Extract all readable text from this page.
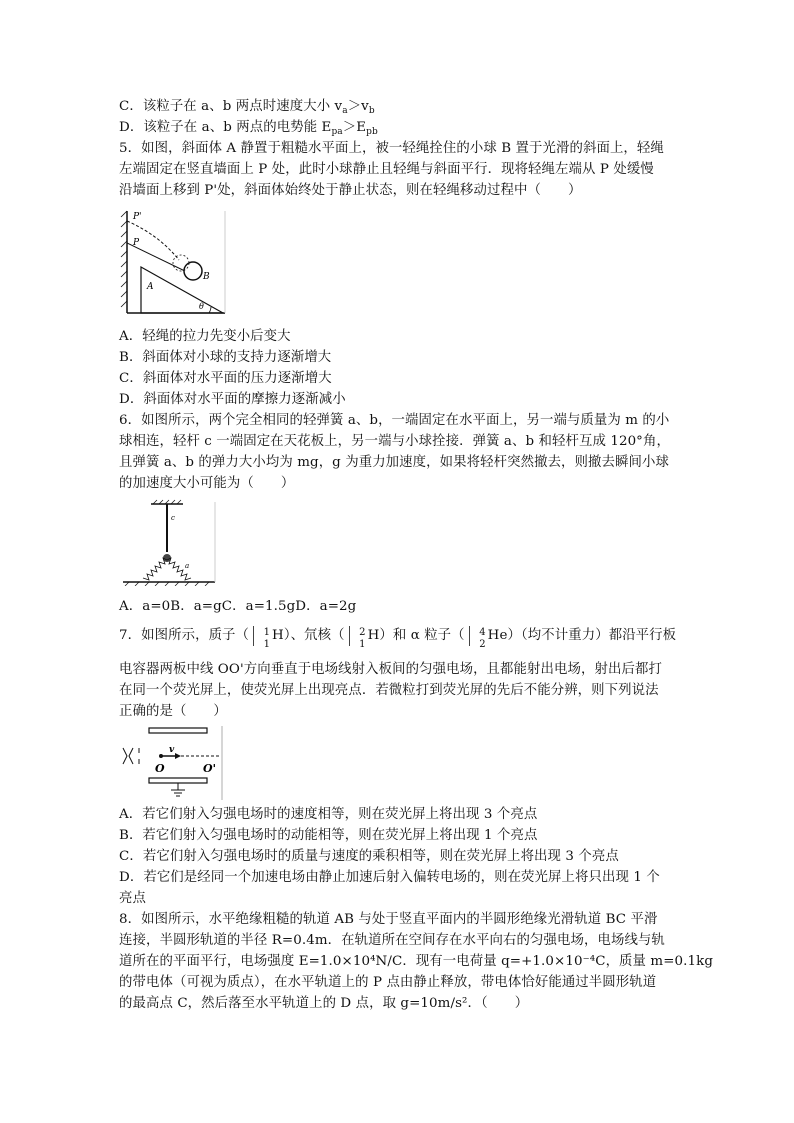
C．该粒子在 a、b 两点时速度大小 $v_a>v_b$
D．该粒子在 a、b 两点的电势能 $E_{pa}>E_{pb}$
5．如图，斜面体 A 静置于粗糙水平面上，被一轻绳拴住的小球 B 置于光滑的斜面上，轻绳
左端固定在竖直墙面上 P 处，此时小球静止且轻绳与斜面平行．现将轻绳左端从 P 处缓慢
沿墙面上移到 P'处，斜面体始终处于静止状态，则在轻绳移动过程中（　　）
P'
P
A
B
θ
A．轻绳的拉力先变小后变大
B．斜面体对小球的支持力逐渐增大
C．斜面体对水平面的压力逐渐增大
D．斜面体对水平面的摩擦力逐渐减小
6．如图所示，两个完全相同的轻弹簧 a、b，一端固定在水平面上，另一端与质量为 m 的小
球相连，轻杆 c 一端固定在天花板上，另一端与小球拴接．弹簧 a、b 和轻杆互成 120°角，
且弹簧 a、b 的弹力大小均为 mg，g 为重力加速度，如果将轻杆突然撤去，则撤去瞬间小球
的加速度大小可能为（　　）
c
a
A．a=0B．a=gC．a=1.5gD．a=2g
7．如图所示，质子（ 1
1
H）、氘核（ 2
1
H）和 α 粒子（ 4
2
He）（均不计重力）都沿平行板
电容器两板中线 OO'方向垂直于电场线射入板间的匀强电场，且都能射出电场，射出后都打
在同一个荧光屏上，使荧光屏上出现亮点．若微粒打到荧光屏的先后不能分辨，则下列说法
正确的是（　　）
v
O	O'
A．若它们射入匀强电场时的速度相等，则在荧光屏上将出现 3 个亮点
B．若它们射入匀强电场时的动能相等，则在荧光屏上将出现 1 个亮点
C．若它们射入匀强电场时的质量与速度的乘积相等，则在荧光屏上将出现 3 个亮点
D．若它们是经同一个加速电场由静止加速后射入偏转电场的，则在荧光屏上将只出现 1 个
亮点
8．如图所示，水平绝缘粗糙的轨道 AB 与处于竖直平面内的半圆形绝缘光滑轨道 BC 平滑
连接，半圆形轨道的半径 R=0.4m．在轨道所在空间存在水平向右的匀强电场，电场线与轨
道所在的平面平行，电场强度 E=1.0×10⁴N/C．现有一电荷量 q=+1.0×10⁻⁴C，质量 m=0.1kg
的带电体（可视为质点），在水平轨道上的 P 点由静止释放，带电体恰好能通过半圆形轨道
的最高点 C，然后落至水平轨道上的 D 点，取 g=10m/s²．（　　）
